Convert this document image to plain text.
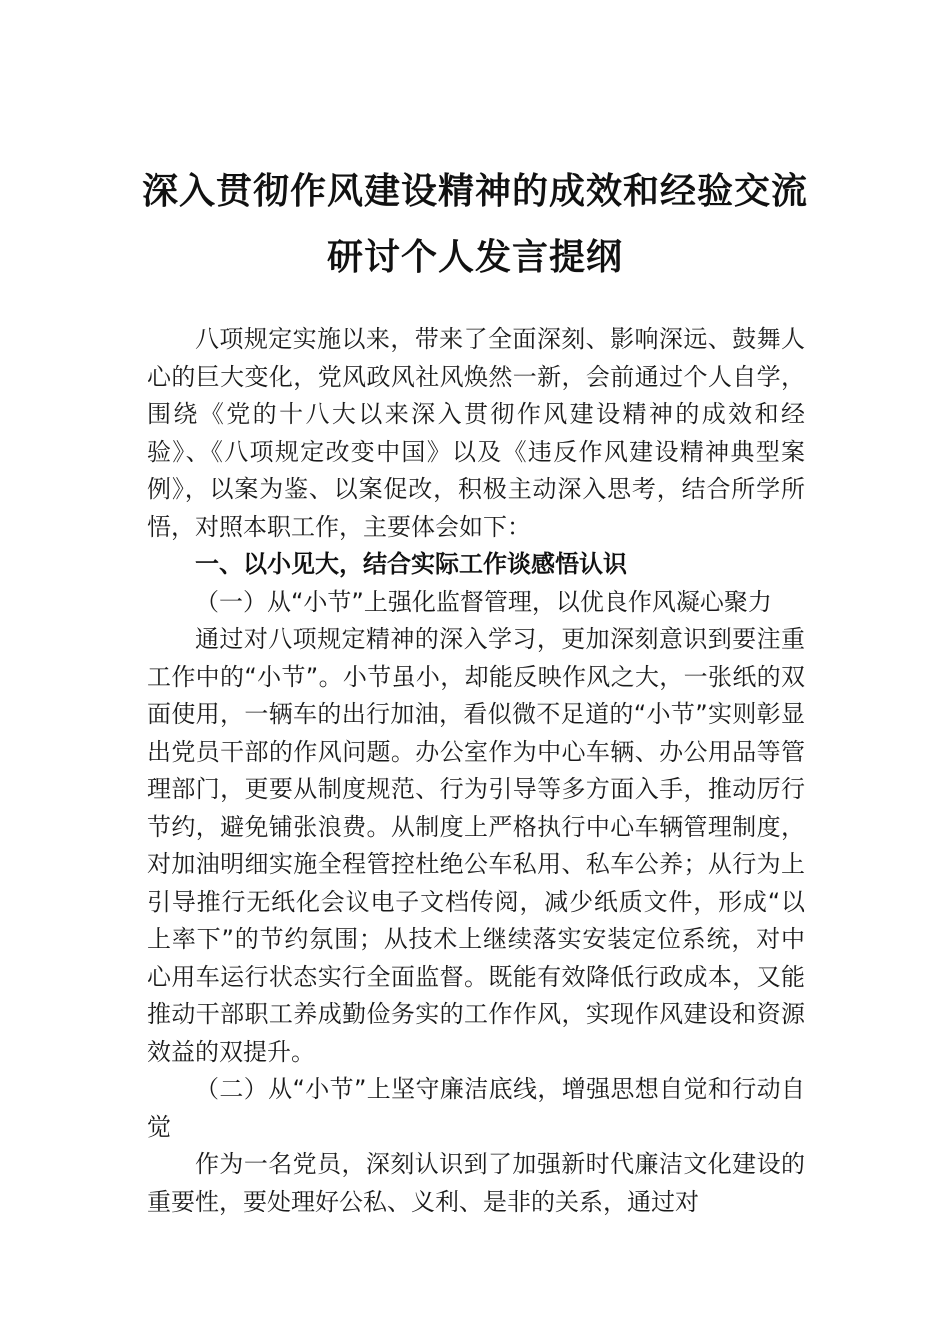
深入贯彻作风建设精神的成效和经验交流
研讨个人发言提纲

八项规定实施以来，带来了全面深刻、影响深远、鼓舞人心的巨大变化，党风政风社风焕然一新，会前通过个人自学，围绕《党的十八大以来深入贯彻作风建设精神的成效和经验》、《八项规定改变中国》以及《违反作风建设精神典型案例》，以案为鉴、以案促改，积极主动深入思考，结合所学所悟，对照本职工作，主要体会如下：

一、以小见大，结合实际工作谈感悟认识
（一）从“小节”上强化监督管理，以优良作风凝心聚力

通过对八项规定精神的深入学习，更加深刻意识到要注重工作中的“小节”。小节虽小，却能反映作风之大，一张纸的双面使用，一辆车的出行加油，看似微不足道的“小节”实则彰显出党员干部的作风问题。办公室作为中心车辆、办公用品等管理部门，更要从制度规范、行为引导等多方面入手，推动厉行节约，避免铺张浪费。从制度上严格执行中心车辆管理制度，对加油明细实施全程管控杜绝公车私用、私车公养；从行为上引导推行无纸化会议电子文档传阅，减少纸质文件，形成“以上率下”的节约氛围；从技术上继续落实安装定位系统，对中心用车运行状态实行全面监督。既能有效降低行政成本，又能推动干部职工养成勤俭务实的工作作风，实现作风建设和资源效益的双提升。

（二）从“小节”上坚守廉洁底线，增强思想自觉和行动自觉

作为一名党员，深刻认识到了加强新时代廉洁文化建设的重要性，要处理好公私、义利、是非的关系，通过对
